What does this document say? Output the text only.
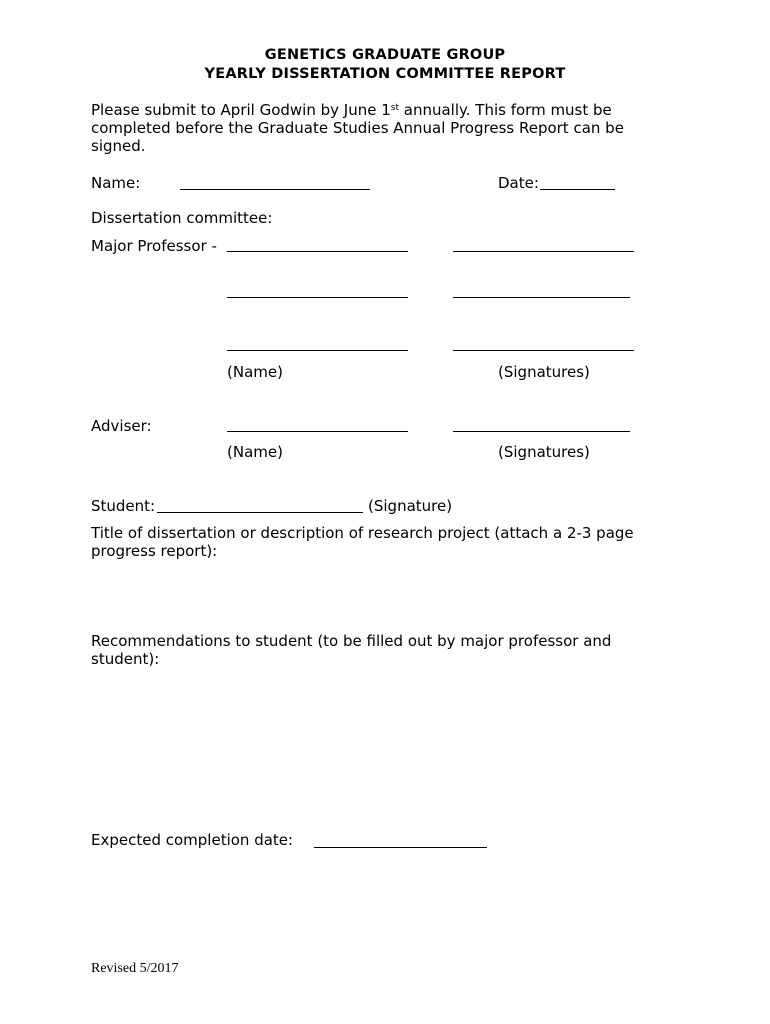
GENETICS GRADUATE GROUP
YEARLY DISSERTATION COMMITTEE REPORT
Please submit to April Godwin by June 1st annually. This form must be completed before the Graduate Studies Annual Progress Report can be signed.
Name:	Date:
Dissertation committee:
Major Professor -
(Name)	(Signatures)
Adviser:
(Name)	(Signatures)
Student:	(Signature)
Title of dissertation or description of research project (attach a 2-3 page progress report):
Recommendations to student (to be filled out by major professor and student):
Expected completion date:
Revised 5/2017
